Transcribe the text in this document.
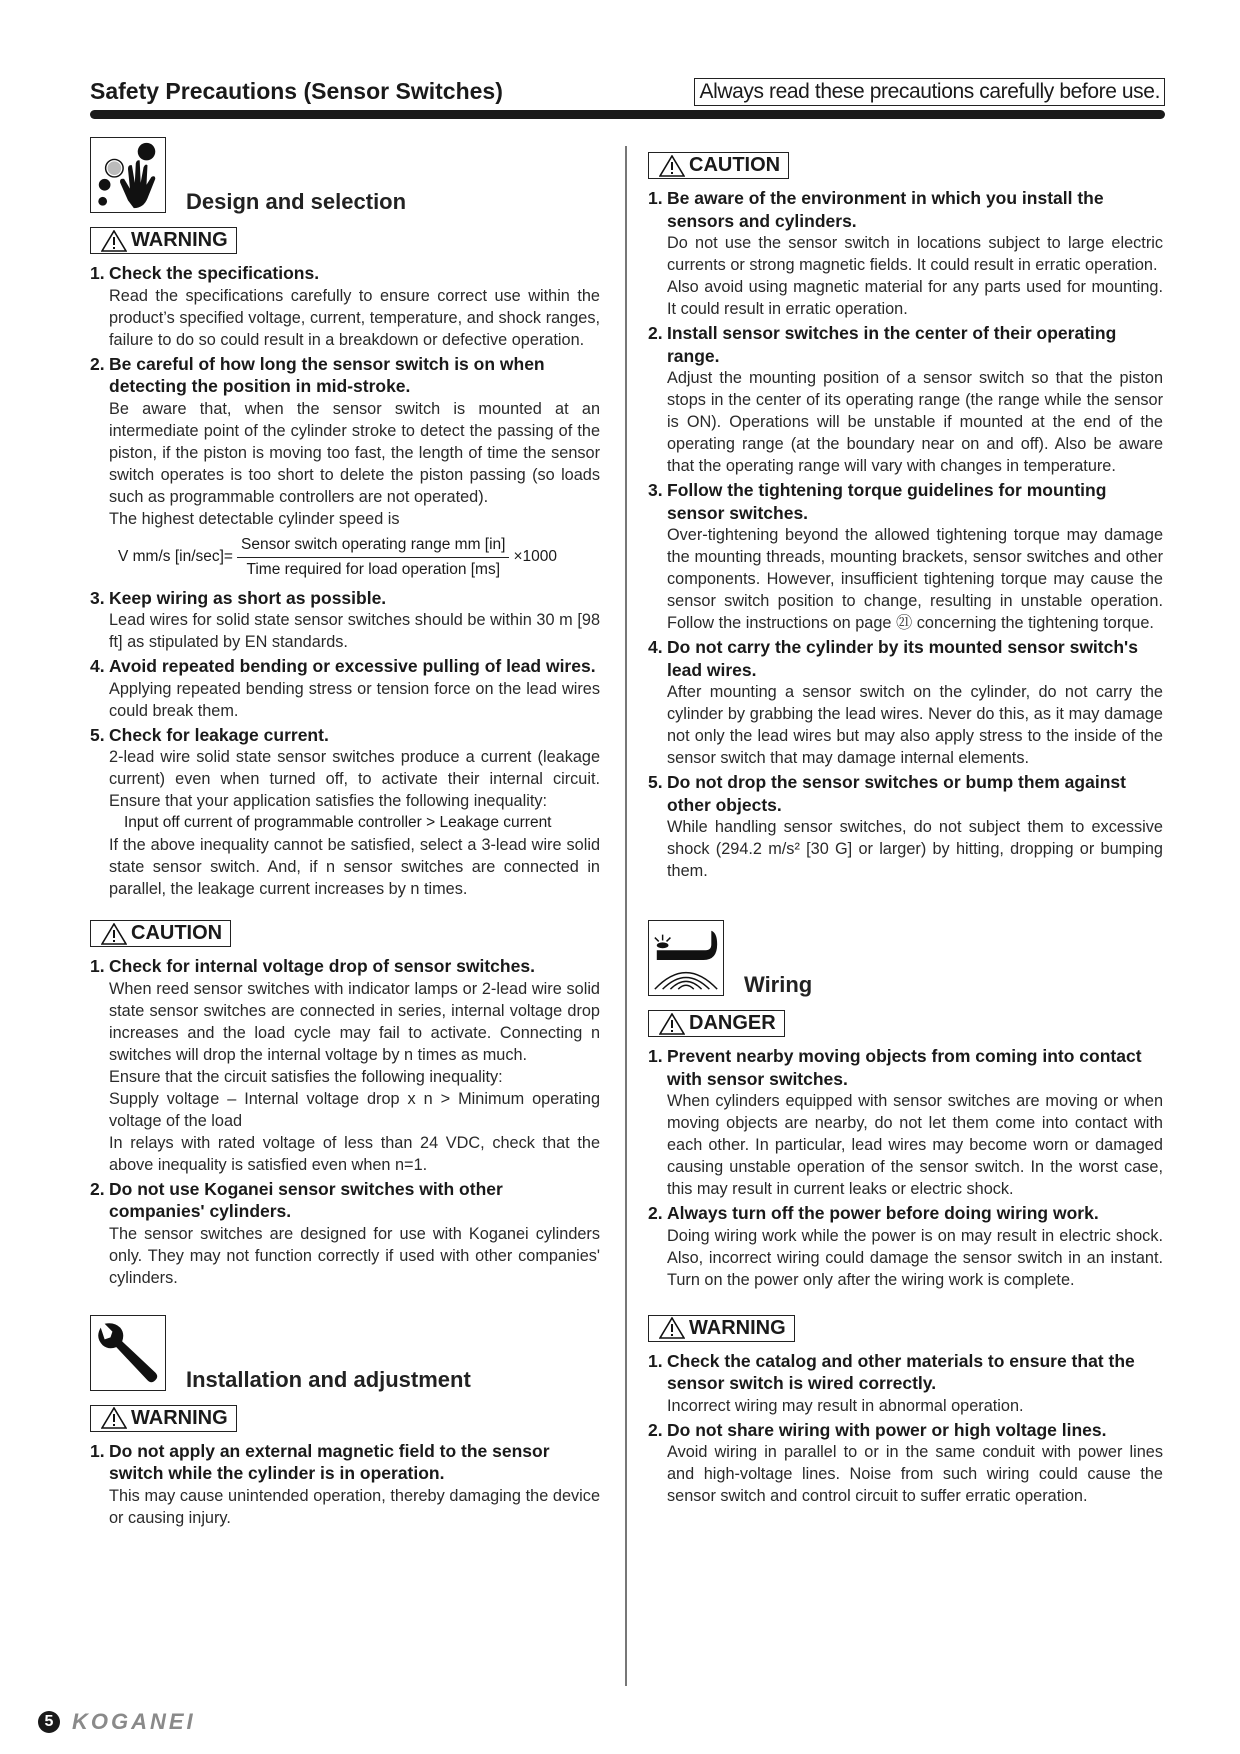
Safety Precautions (Sensor Switches)	Always read these precautions carefully before use.
Design and selection
WARNING
1. Check the specifications.
Read the specifications carefully to ensure correct use within the product’s specified voltage, current, temperature, and shock ranges, failure to do so could result in a breakdown or defective operation.
2. Be careful of how long the sensor switch is on when detecting the position in mid-stroke.
Be aware that, when the sensor switch is mounted at an intermediate point of the cylinder stroke to detect the passing of the piston, if the piston is moving too fast, the length of time the sensor switch operates is too short to delete the piston passing (so loads such as programmable controllers are not operated).
The highest detectable cylinder speed is
V mm/s $[in/\sec]= \frac{\text{Sensor switch operating range mm [in]}}{\text{Time required for load operation [ms]}} \times 1000$
3. Keep wiring as short as possible.
Lead wires for solid state sensor switches should be within 30 m [98 ft] as stipulated by EN standards.
4. Avoid repeated bending or excessive pulling of lead wires.
Applying repeated bending stress or tension force on the lead wires could break them.
5. Check for leakage current.
2-lead wire solid state sensor switches produce a current (leakage current) even when turned off, to activate their internal circuit. Ensure that your application satisfies the following inequality:
Input off current of programmable controller > Leakage current
If the above inequality cannot be satisfied, select a 3-lead wire solid state sensor switch. And, if n sensor switches are connected in parallel, the leakage current increases by n times.
CAUTION
1. Check for internal voltage drop of sensor switches.
When reed sensor switches with indicator lamps or 2-lead wire solid state sensor switches are connected in series, internal voltage drop increases and the load cycle may fail to activate. Connecting n switches will drop the internal voltage by n times as much.
Ensure that the circuit satisfies the following inequality:
Supply voltage – Internal voltage drop x n > Minimum operating voltage of the load
In relays with rated voltage of less than 24 VDC, check that the above inequality is satisfied even when n=1.
2. Do not use Koganei sensor switches with other companies' cylinders.
The sensor switches are designed for use with Koganei cylinders only. They may not function correctly if used with other companies' cylinders.
Installation and adjustment
WARNING
1. Do not apply an external magnetic field to the sensor switch while the cylinder is in operation.
This may cause unintended operation, thereby damaging the device or causing injury.
CAUTION
1. Be aware of the environment in which you install the sensors and cylinders.
Do not use the sensor switch in locations subject to large electric currents or strong magnetic fields. It could result in erratic operation.
Also avoid using magnetic material for any parts used for mounting. It could result in erratic operation.
2. Install sensor switches in the center of their operating range.
Adjust the mounting position of a sensor switch so that the piston stops in the center of its operating range (the range while the sensor is ON). Operations will be unstable if mounted at the end of the operating range (at the boundary near on and off). Also be aware that the operating range will vary with changes in temperature.
3. Follow the tightening torque guidelines for mounting sensor switches.
Over-tightening beyond the allowed tightening torque may damage the mounting threads, mounting brackets, sensor switches and other components. However, insufficient tightening torque may cause the sensor switch position to change, resulting in unstable operation. Follow the instructions on page ㉑ concerning the tightening torque.
4. Do not carry the cylinder by its mounted sensor switch's lead wires.
After mounting a sensor switch on the cylinder, do not carry the cylinder by grabbing the lead wires. Never do this, as it may damage not only the lead wires but may also apply stress to the inside of the sensor switch that may damage internal elements.
5. Do not drop the sensor switches or bump them against other objects.
While handling sensor switches, do not subject them to excessive shock (294.2 m/s² [30 G] or larger) by hitting, dropping or bumping them.
Wiring
DANGER
1. Prevent nearby moving objects from coming into contact with sensor switches.
When cylinders equipped with sensor switches are moving or when moving objects are nearby, do not let them come into contact with each other. In particular, lead wires may become worn or damaged causing unstable operation of the sensor switch. In the worst case, this may result in current leaks or electric shock.
2. Always turn off the power before doing wiring work.
Doing wiring work while the power is on may result in electric shock. Also, incorrect wiring could damage the sensor switch in an instant. Turn on the power only after the wiring work is complete.
WARNING
1. Check the catalog and other materials to ensure that the sensor switch is wired correctly.
Incorrect wiring may result in abnormal operation.
2. Do not share wiring with power or high voltage lines.
Avoid wiring in parallel to or in the same conduit with power lines and high-voltage lines. Noise from such wiring could cause the sensor switch and control circuit to suffer erratic operation.
5 KOGANEI
